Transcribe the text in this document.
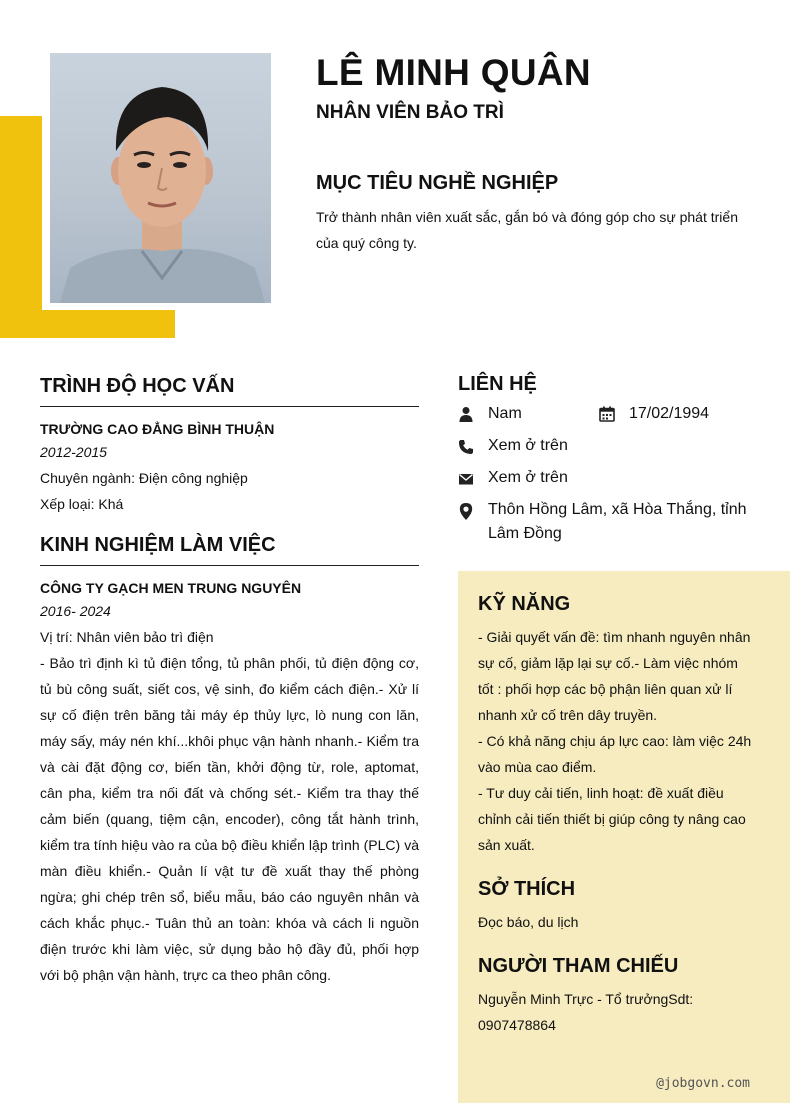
LÊ MINH QUÂN
NHÂN VIÊN BẢO TRÌ
MỤC TIÊU NGHỀ NGHIỆP

Trở thành nhân viên xuất sắc, gắn bó và đóng góp cho sự phát triển của quý công ty.

TRÌNH ĐỘ HỌC VẤN

TRƯỜNG CAO ĐẲNG BÌNH THUẬN

2012-2015

Chuyên ngành: Điện công nghiệp

Xếp loại: Khá

KINH NGHIỆM LÀM VIỆC

CÔNG TY GẠCH MEN TRUNG NGUYÊN

2016- 2024

Vị trí: Nhân viên bảo trì điện

- Bảo trì định kì tủ điện tổng, tủ phân phối, tủ điện động cơ, tủ bù công suất, siết cos, vệ sinh, đo kiểm cách điện.- Xử lí sự cố điện trên băng tải máy ép thủy lực, lò nung con lăn, máy sấy, máy nén khí...khôi phục vận hành nhanh.- Kiểm tra và cài đặt động cơ, biến tần, khởi động từ, role, aptomat, cân pha, kiểm tra nối đất và chống sét.- Kiểm tra thay thế cảm biến (quang, tiệm cận, encoder), công tắt hành trình, kiểm tra tính hiệu vào ra của bộ điều khiển lập trình (PLC) và màn điều khiển.- Quản lí vật tư đề xuất thay thế phòng ngừa; ghi chép trên sổ, biểu mẫu, báo cáo nguyên nhân và cách khắc phục.- Tuân thủ an toàn: khóa và cách li nguồn điện trước khi làm việc, sử dụng bảo hộ đầy đủ, phối hợp với bộ phận vận hành, trực ca theo phân công.

LIÊN HỆ
Nam	17/02/1994
Xem ở trên
Xem ở trên
Thôn Hồng Lâm, xã Hòa Thắng, tỉnh Lâm Đồng
KỸ NĂNG

- Giải quyết vấn đề: tìm nhanh nguyên nhân sự cố, giảm lặp lại sự cố.- Làm việc nhóm tốt : phối hợp các bộ phận liên quan xử lí nhanh xử cố trên dây truyền.

- Có khả năng chịu áp lực cao: làm việc 24h vào mùa cao điểm.

- Tư duy cải tiến, linh hoạt: đề xuất điều chỉnh cải tiến thiết bị giúp công ty nâng cao sản xuất.

SỞ THÍCH

Đọc báo, du lịch

NGƯỜI THAM CHIẾU

Nguyễn Minh Trực - Tổ trưởngSdt: 0907478864

@jobgovn.com
